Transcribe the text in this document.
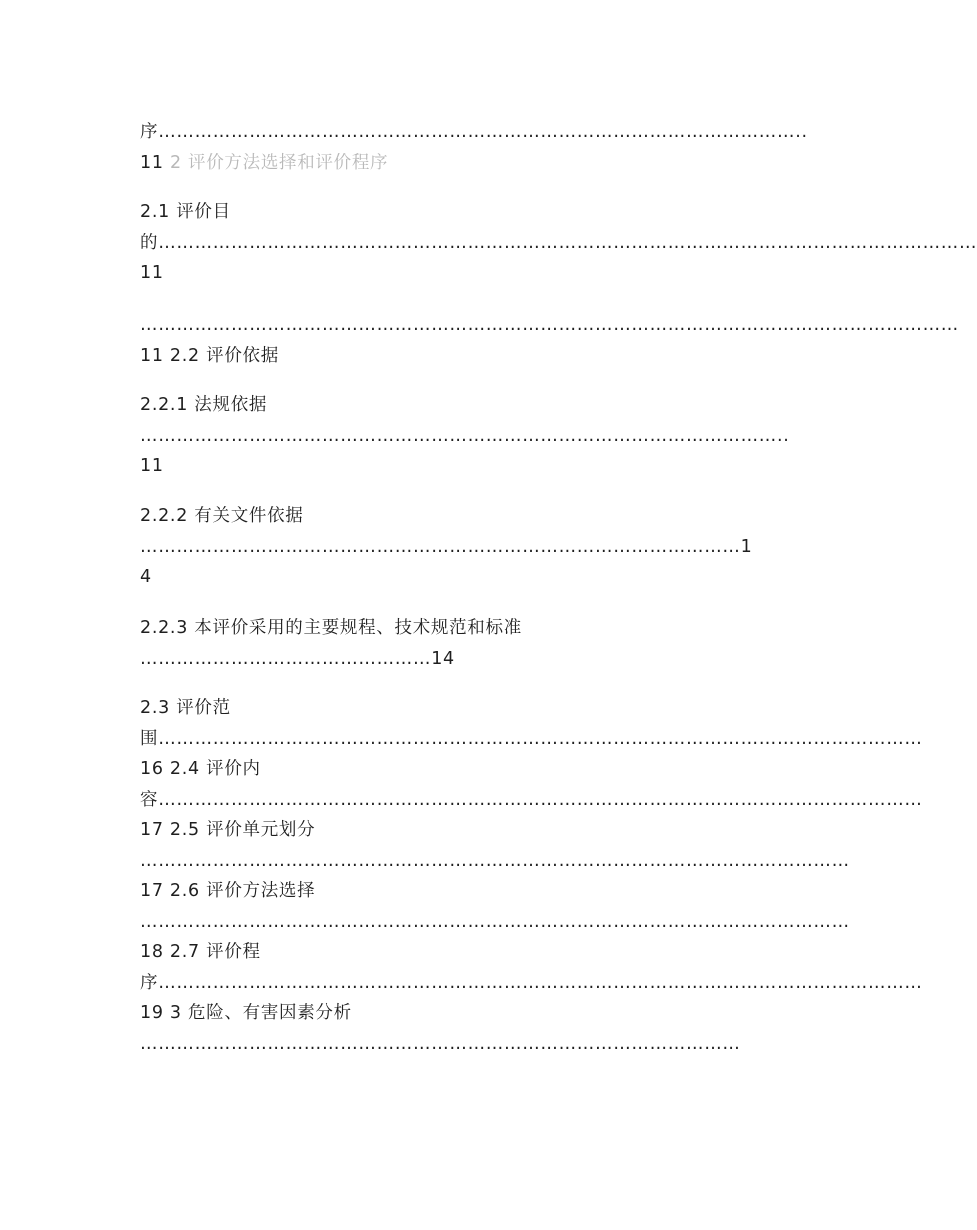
序…………………………………………………………………………………………….. 11 2 评价方法选择和评价程序

2.1 评价目
的……………………………………………………………………………………………………………………… 11

……………………………………………………………………………………………………………………… 11 2.2 评价依据

2.2.1 法规依据
…………………………………………………………………………………………….. 11

2.2.2 有关文件依据
………………………………………………………………………………………1
4

2.2.3 本评价采用的主要规程、技术规范和标准
…………………………………………14

2.3 评价范
围………………………………………………………………………………………………………………16 2.4 评价内
容………………………………………………………………………………………………………………17 2.5 评价单元划分
………………………………………………………………………………………………………17 2.6 评价方法选择
………………………………………………………………………………………………………18 2.7 评价程
序………………………………………………………………………………………………………………19 3 危险、有害因素分析
………………………………………………………………………………………
